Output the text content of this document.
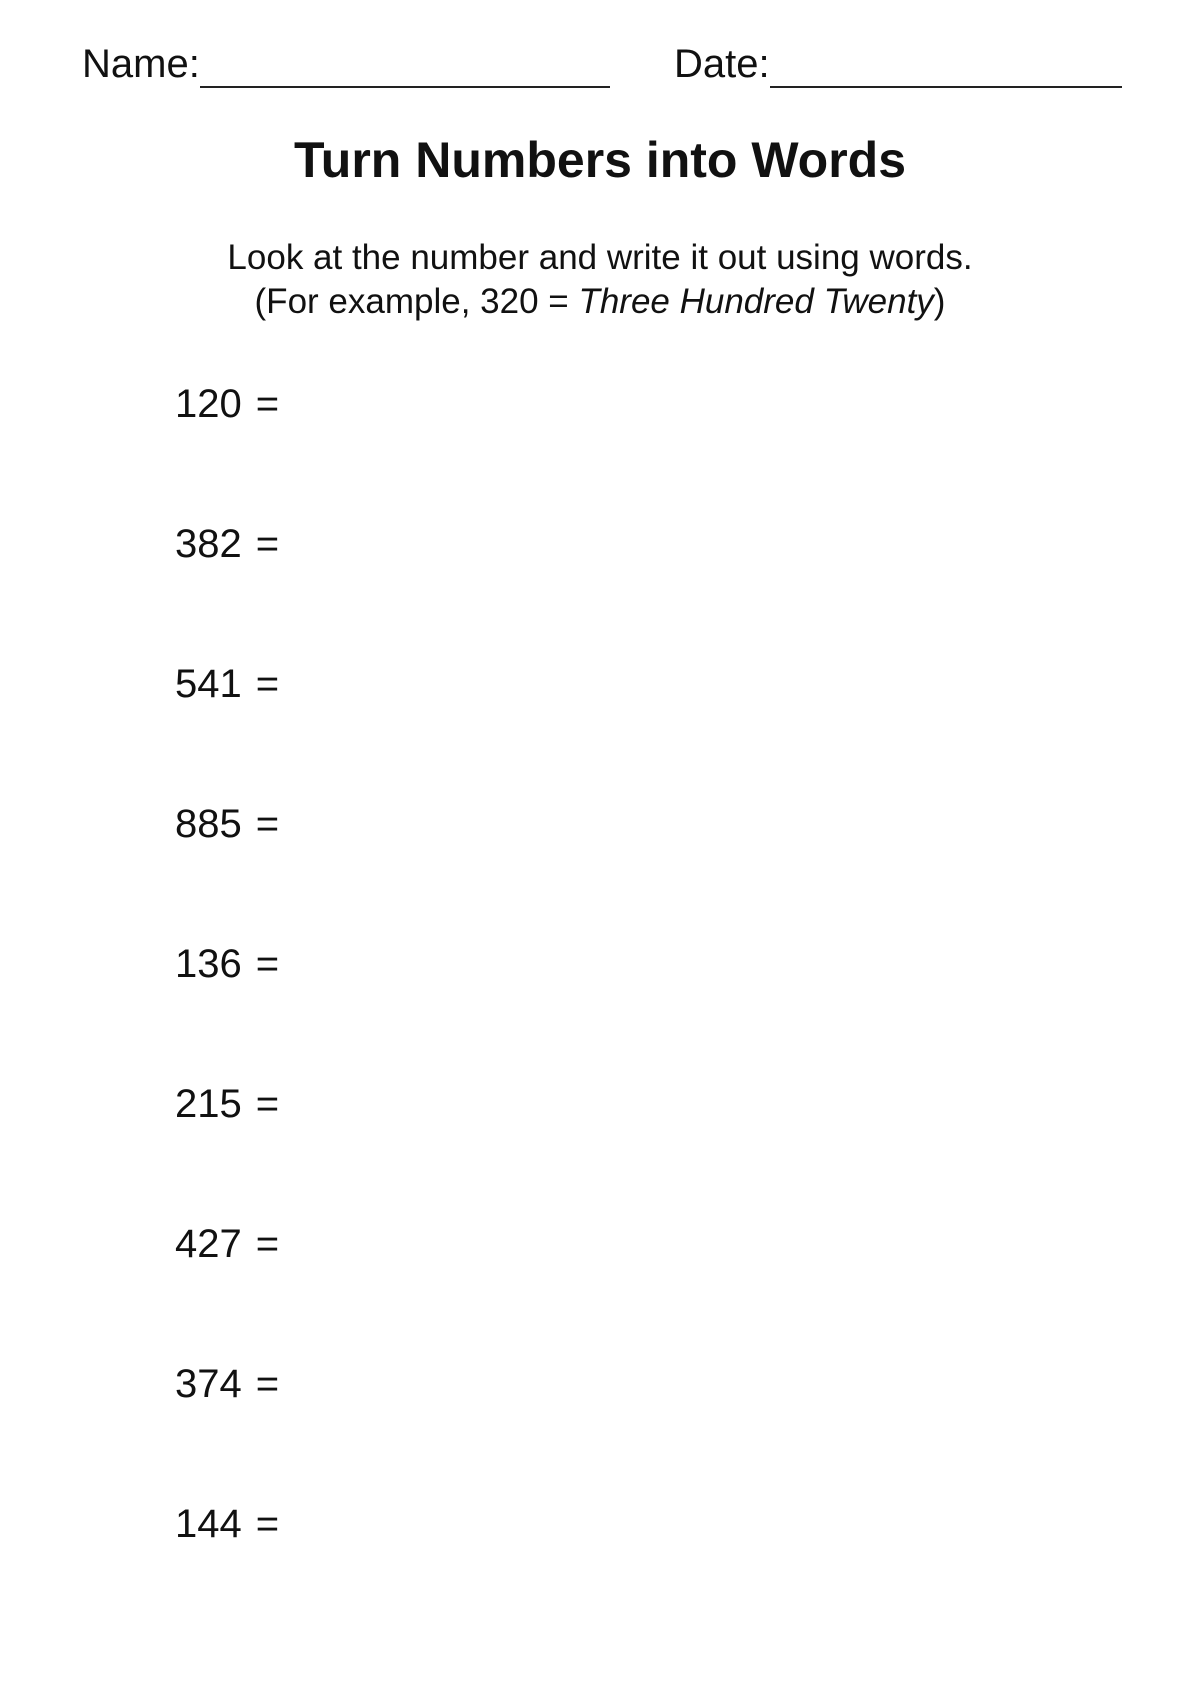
Name:	Date:
Turn Numbers into Words
Look at the number and write it out using words.
(For example, 320 = Three Hundred Twenty)
120 =
382 =
541 =
885 =
136 =
215 =
427 =
374 =
144 =
